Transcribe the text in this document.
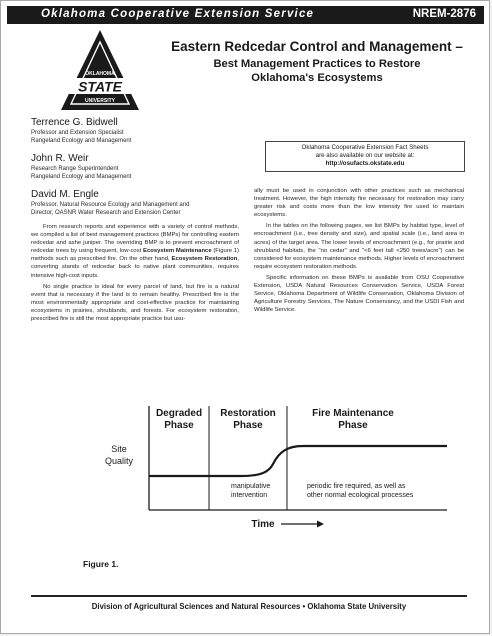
Oklahoma Cooperative Extension Service	NREM-2876
OKLAHOMA
STATE
UNIVERSITY
Eastern Redcedar Control and Management –
Best Management Practices to Restore
Oklahoma's Ecosystems
Terrence G. Bidwell
Professor and Extension Specialist
Rangeland Ecology and Management
John R. Weir
Research Range Superintendent
Rangeland Ecology and Management
David M. Engle
Professor, Natural Resource Ecology and Management and
Director, OASNR Water Research and Extension Center
Oklahoma Cooperative Extension Fact Sheets
are also available on our website at:
http://osufacts.okstate.edu

From research reports and experience with a variety of control methods, we compiled a list of best management practices (BMPs) for controlling eastern redcedar and ashe juniper. The overriding BMP is to prevent encroachment of redcedar trees by using frequent, low-cost Ecosystem Maintenance (Figure 1) methods such as prescribed fire. On the other hand, Ecosystem Restoration, converting stands of redcedar back to native plant communities, requires intensive high-cost inputs.

No single practice is ideal for every parcel of land, but fire is a natural event that is necessary if the land is to remain healthy. Prescribed fire is the most environmentally appropriate and cost-effective practice for maintaining ecosystems in prairies, shrublands, and forests. For ecosystem restoration, prescribed fire is still the most appropriate practice but usu-

ally must be used in conjunction with other practices such as mechanical treatment. However, the high intensity fire necessary for restoration may carry greater risk and costs more than the low intensity fire used to maintain ecosystems.

In the tables on the following pages, we list BMPs by habitat type, level of encroachment (i.e., tree density and size), and spatial scale (i.e., land area in acres) of the target area. The lower levels of encroachment (e.g., for prairie and shrubland habitats, the "no cedar" and "<6 feet tall <250 trees/acre") can be considered for ecosystem maintenance methods. Higher levels of encroachment require ecosystem restoration methods.

Specific information on these BMPs is available from OSU Cooperative Extension, USDA Natural Resources Conservation Service, USDA Forest Service, Oklahoma Department of Wildlife Conservation, Oklahoma Division of Agriculture Forestry Services, The Nature Conservancy, and the USDI Fish and Wildlife Service.

Degraded
Phase
Restoration
Phase
Fire Maintenance
Phase
Site
Quality
manipulative
intervention
periodic fire required, as well as
other normal ecological processes
Time
Figure 1.
Division of Agricultural Sciences and Natural Resources • Oklahoma State University
